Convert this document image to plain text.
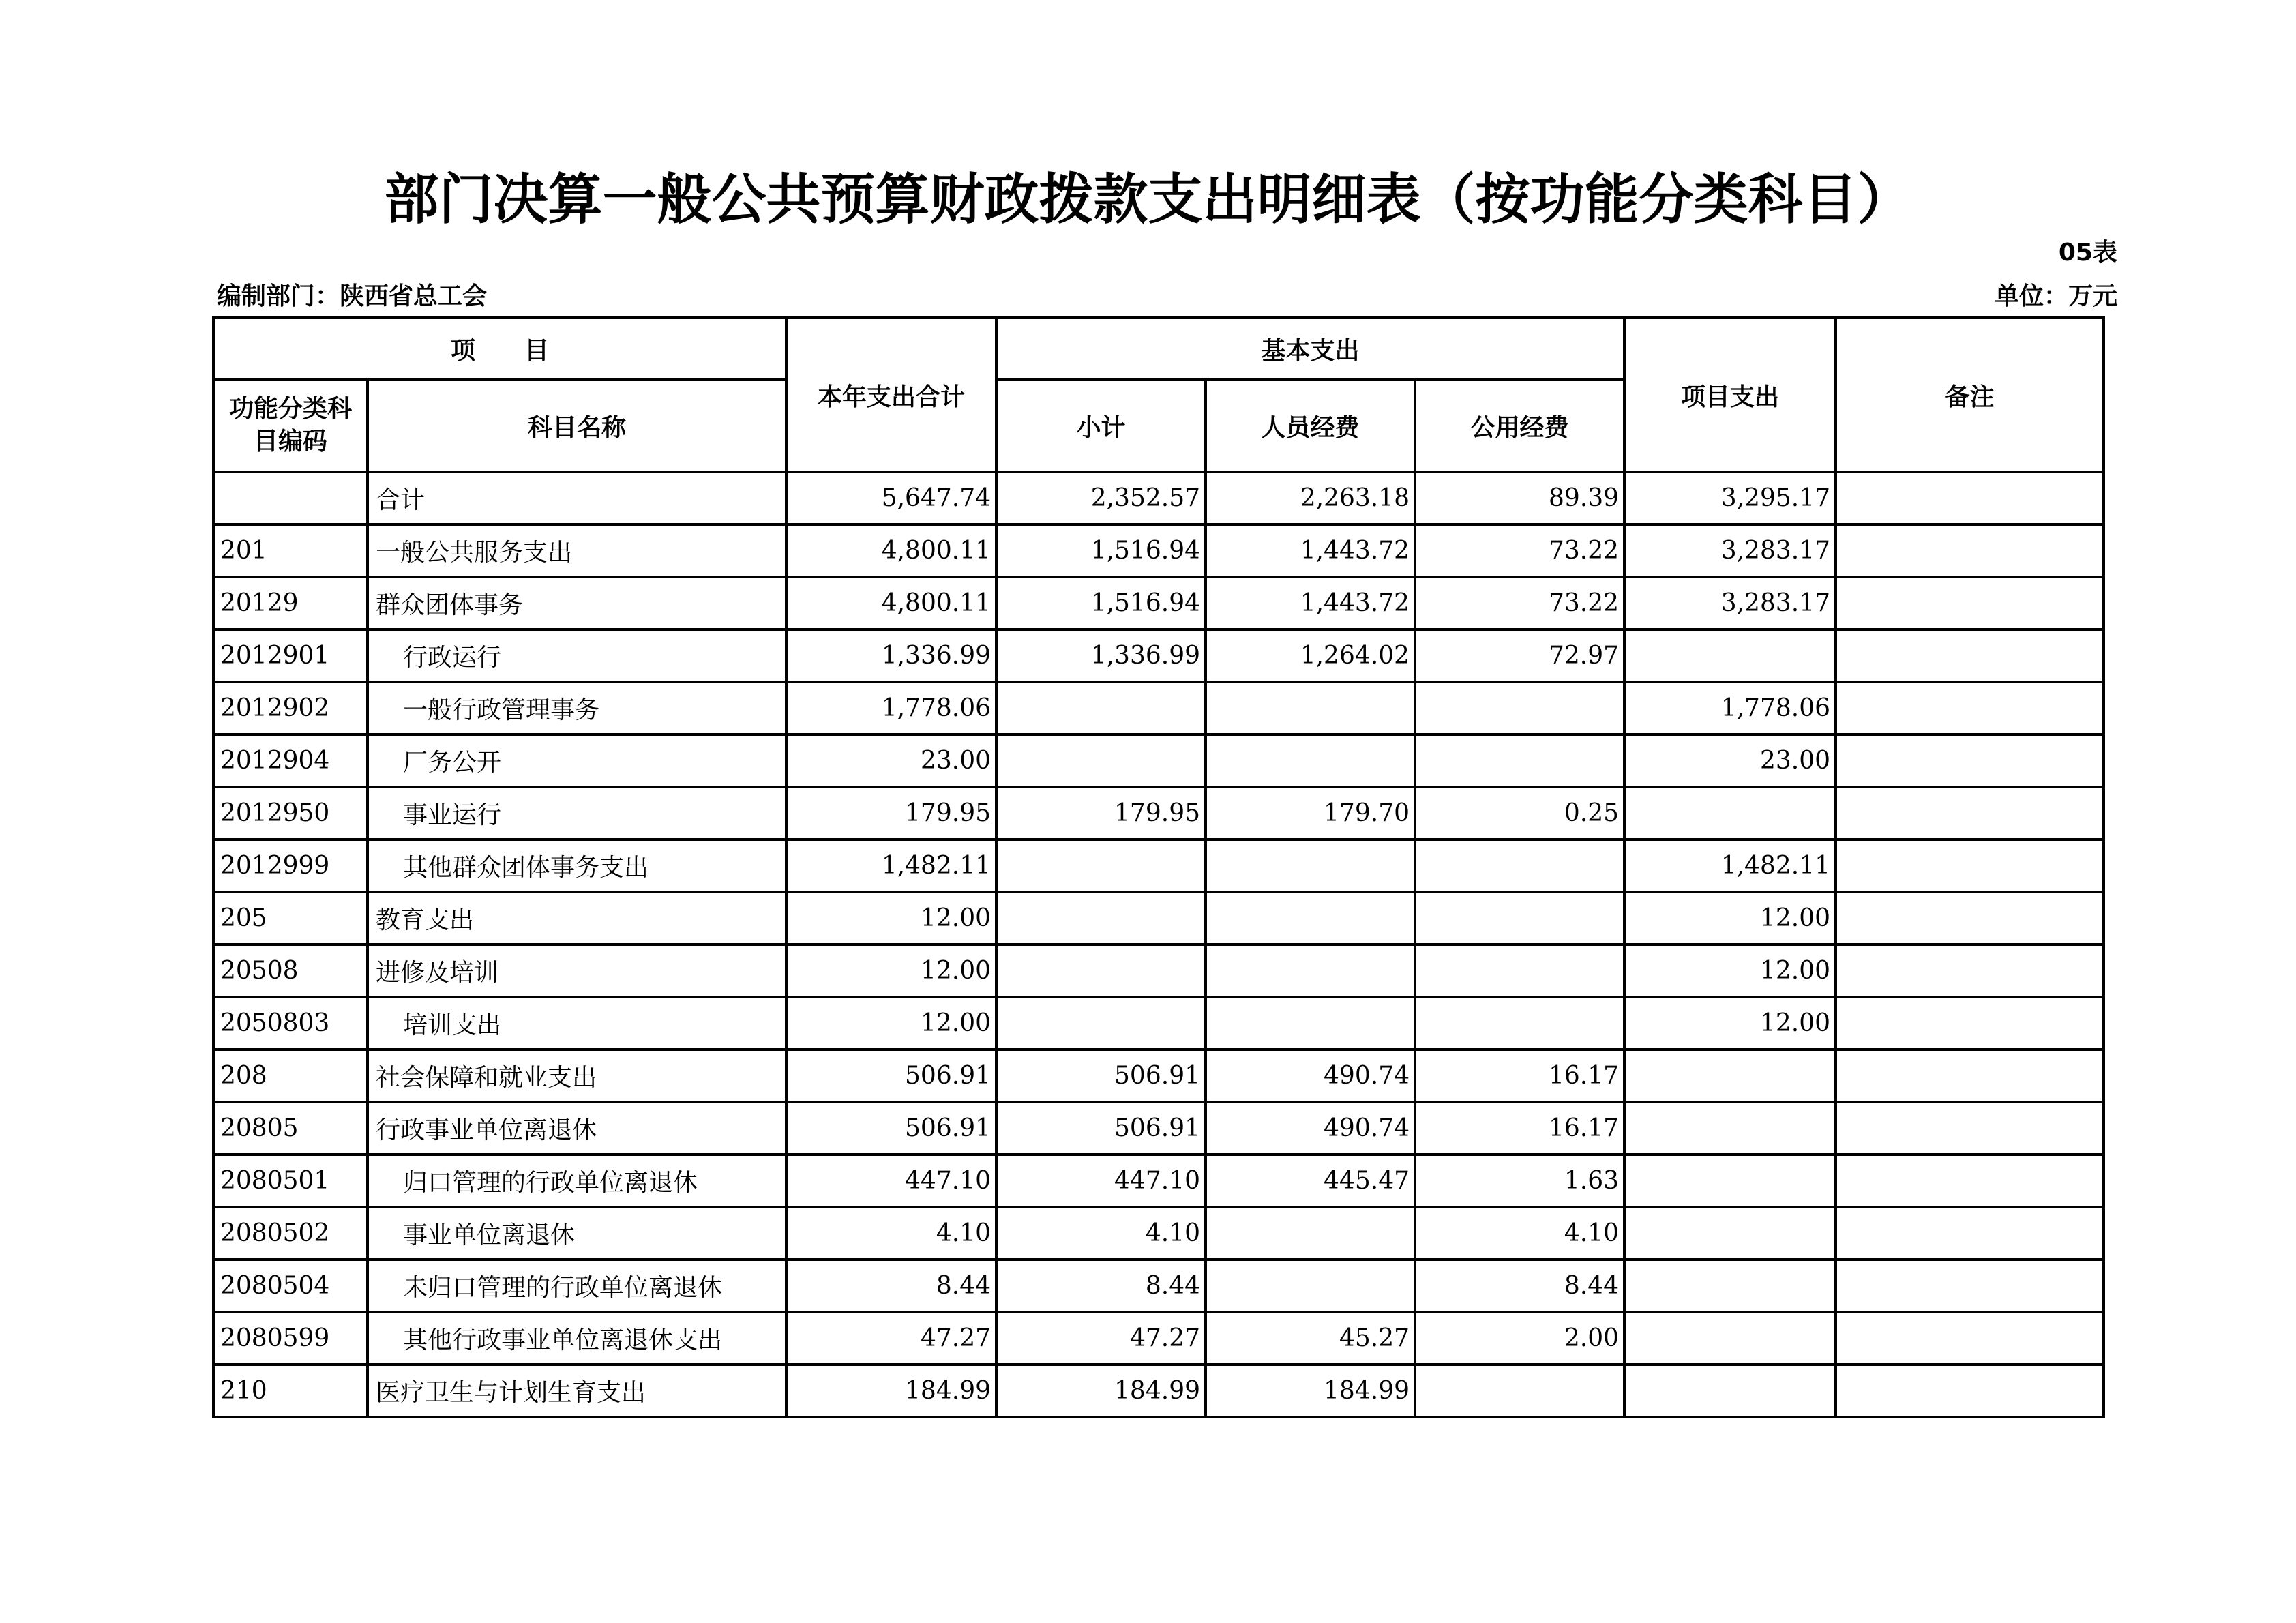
部门决算一般公共预算财政拨款支出明细表（按功能分类科目）
05表
编制部门：陕西省总工会	单位：万元
项　　目		本年支出合计	基本支出			项目支出	备注
功能分类科目编码	科目名称		小计	人员经费	公用经费		
	合计	5,647.74	2,352.57	2,263.18	89.39	3,295.17	
201	一般公共服务支出	4,800.11	1,516.94	1,443.72	73.22	3,283.17	
20129	群众团体事务	4,800.11	1,516.94	1,443.72	73.22	3,283.17	
2012901	行政运行	1,336.99	1,336.99	1,264.02	72.97		
2012902	一般行政管理事务	1,778.06				1,778.06	
2012904	厂务公开	23.00				23.00	
2012950	事业运行	179.95	179.95	179.70	0.25		
2012999	其他群众团体事务支出	1,482.11				1,482.11	
205	教育支出	12.00				12.00	
20508	进修及培训	12.00				12.00	
2050803	培训支出	12.00				12.00	
208	社会保障和就业支出	506.91	506.91	490.74	16.17		
20805	行政事业单位离退休	506.91	506.91	490.74	16.17		
2080501	归口管理的行政单位离退休	447.10	447.10	445.47	1.63		
2080502	事业单位离退休	4.10	4.10		4.10		
2080504	未归口管理的行政单位离退休	8.44	8.44		8.44		
2080599	其他行政事业单位离退休支出	47.27	47.27	45.27	2.00		
210	医疗卫生与计划生育支出	184.99	184.99	184.99			
